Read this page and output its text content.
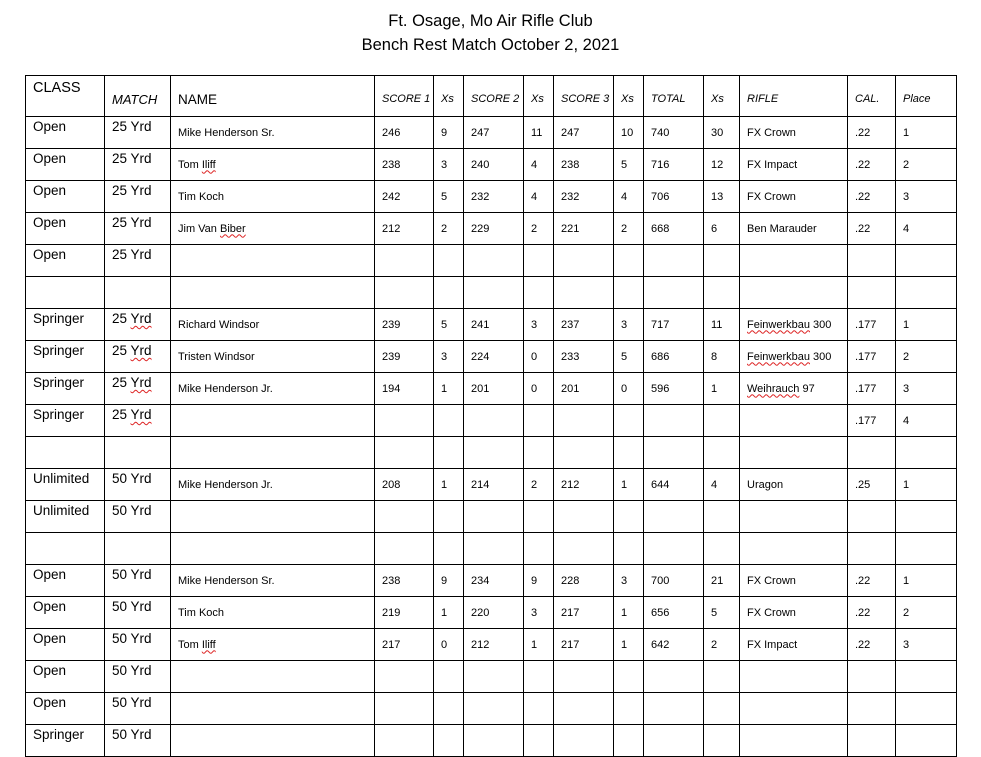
Ft. Osage, Mo Air Rifle Club
Bench Rest Match October 2, 2021
CLASS	MATCH	NAME	SCORE 1	Xs	SCORE 2	Xs	SCORE 3	Xs	TOTAL	Xs	RIFLE	CAL.	Place
Open	25 Yrd	Mike Henderson Sr.	246	9	247	11	247	10	740	30	FX Crown	.22	1
Open	25 Yrd	Tom Iliff	238	3	240	4	238	5	716	12	FX Impact	.22	2
Open	25 Yrd	Tim Koch	242	5	232	4	232	4	706	13	FX Crown	.22	3
Open	25 Yrd	Jim Van Biber	212	2	229	2	221	2	668	6	Ben Marauder	.22	4
Open	25 Yrd												

Springer	25 Yrd	Richard Windsor	239	5	241	3	237	3	717	11	Feinwerkbau 300	.177	1
Springer	25 Yrd	Tristen Windsor	239	3	224	0	233	5	686	8	Feinwerkbau 300	.177	2
Springer	25 Yrd	Mike Henderson Jr.	194	1	201	0	201	0	596	1	Weihrauch 97	.177	3
Springer	25 Yrd											.177	4

Unlimited	50 Yrd	Mike Henderson Jr.	208	1	214	2	212	1	644	4	Uragon	.25	1
Unlimited	50 Yrd												

Open	50 Yrd	Mike Henderson Sr.	238	9	234	9	228	3	700	21	FX Crown	.22	1
Open	50 Yrd	Tim Koch	219	1	220	3	217	1	656	5	FX Crown	.22	2
Open	50 Yrd	Tom Iliff	217	0	212	1	217	1	642	2	FX Impact	.22	3
Open	50 Yrd												
Open	50 Yrd												
Springer	50 Yrd												
